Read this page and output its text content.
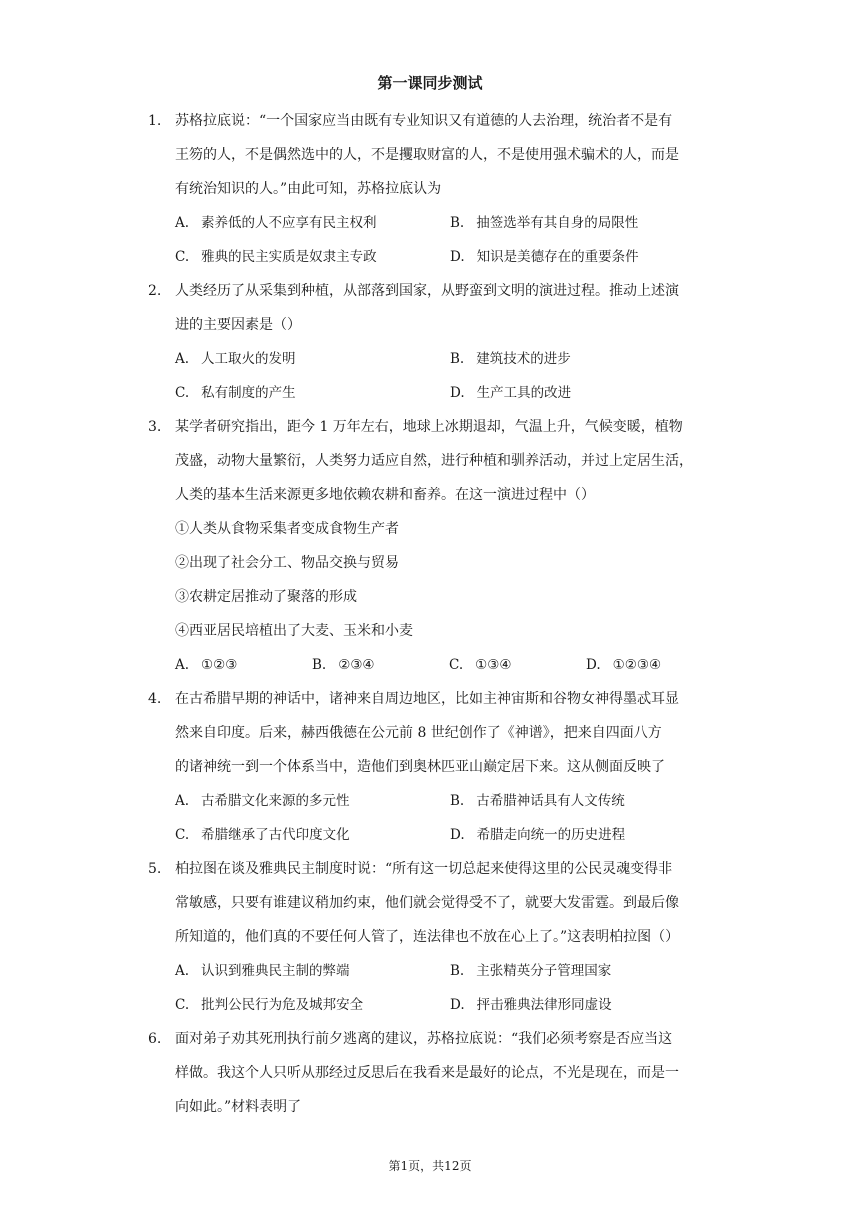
第一课同步测试
1. 苏格拉底说：“一个国家应当由既有专业知识又有道德的人去治理，统治者不是有
王笏的人，不是偶然选中的人，不是攫取财富的人，不是使用强术骗术的人，而是
有统治知识的人。”由此可知，苏格拉底认为
A. 素养低的人不应享有民主权利	B. 抽签选举有其自身的局限性
C. 雅典的民主实质是奴隶主专政	D. 知识是美德存在的重要条件
2. 人类经历了从采集到种植，从部落到国家，从野蛮到文明的演进过程。推动上述演
进的主要因素是（）
A. 人工取火的发明	B. 建筑技术的进步
C. 私有制度的产生	D. 生产工具的改进
3. 某学者研究指出，距今 1 万年左右，地球上冰期退却，气温上升，气候变暖，植物
茂盛，动物大量繁衍，人类努力适应自然，进行种植和驯养活动，并过上定居生活，
人类的基本生活来源更多地依赖农耕和畜养。在这一演进过程中（）
①人类从食物采集者变成食物生产者
②出现了社会分工、物品交换与贸易
③农耕定居推动了聚落的形成
④西亚居民培植出了大麦、玉米和小麦
A. ①②③	B. ②③④	C. ①③④	D. ①②③④
4. 在古希腊早期的神话中，诸神来自周边地区，比如主神宙斯和谷物女神得墨忒耳显
然来自印度。后来，赫西俄德在公元前 8 世纪创作了《神谱》，把来自四面八方
的诸神统一到一个体系当中，造他们到奥林匹亚山巅定居下来。这从侧面反映了
A. 古希腊文化来源的多元性	B. 古希腊神话具有人文传统
C. 希腊继承了古代印度文化	D. 希腊走向统一的历史进程
5. 柏拉图在谈及雅典民主制度时说：“所有这一切总起来使得这里的公民灵魂变得非
常敏感，只要有谁建议稍加约束，他们就会觉得受不了，就要大发雷霆。到最后像
所知道的，他们真的不要任何人管了，连法律也不放在心上了。”这表明柏拉图（）
A. 认识到雅典民主制的弊端	B. 主张精英分子管理国家
C. 批判公民行为危及城邦安全	D. 抨击雅典法律形同虚设
6. 面对弟子劝其死刑执行前夕逃离的建议，苏格拉底说：“我们必须考察是否应当这
样做。我这个人只听从那经过反思后在我看来是最好的论点，不光是现在，而是一
向如此。”材料表明了
第1页，共12页
